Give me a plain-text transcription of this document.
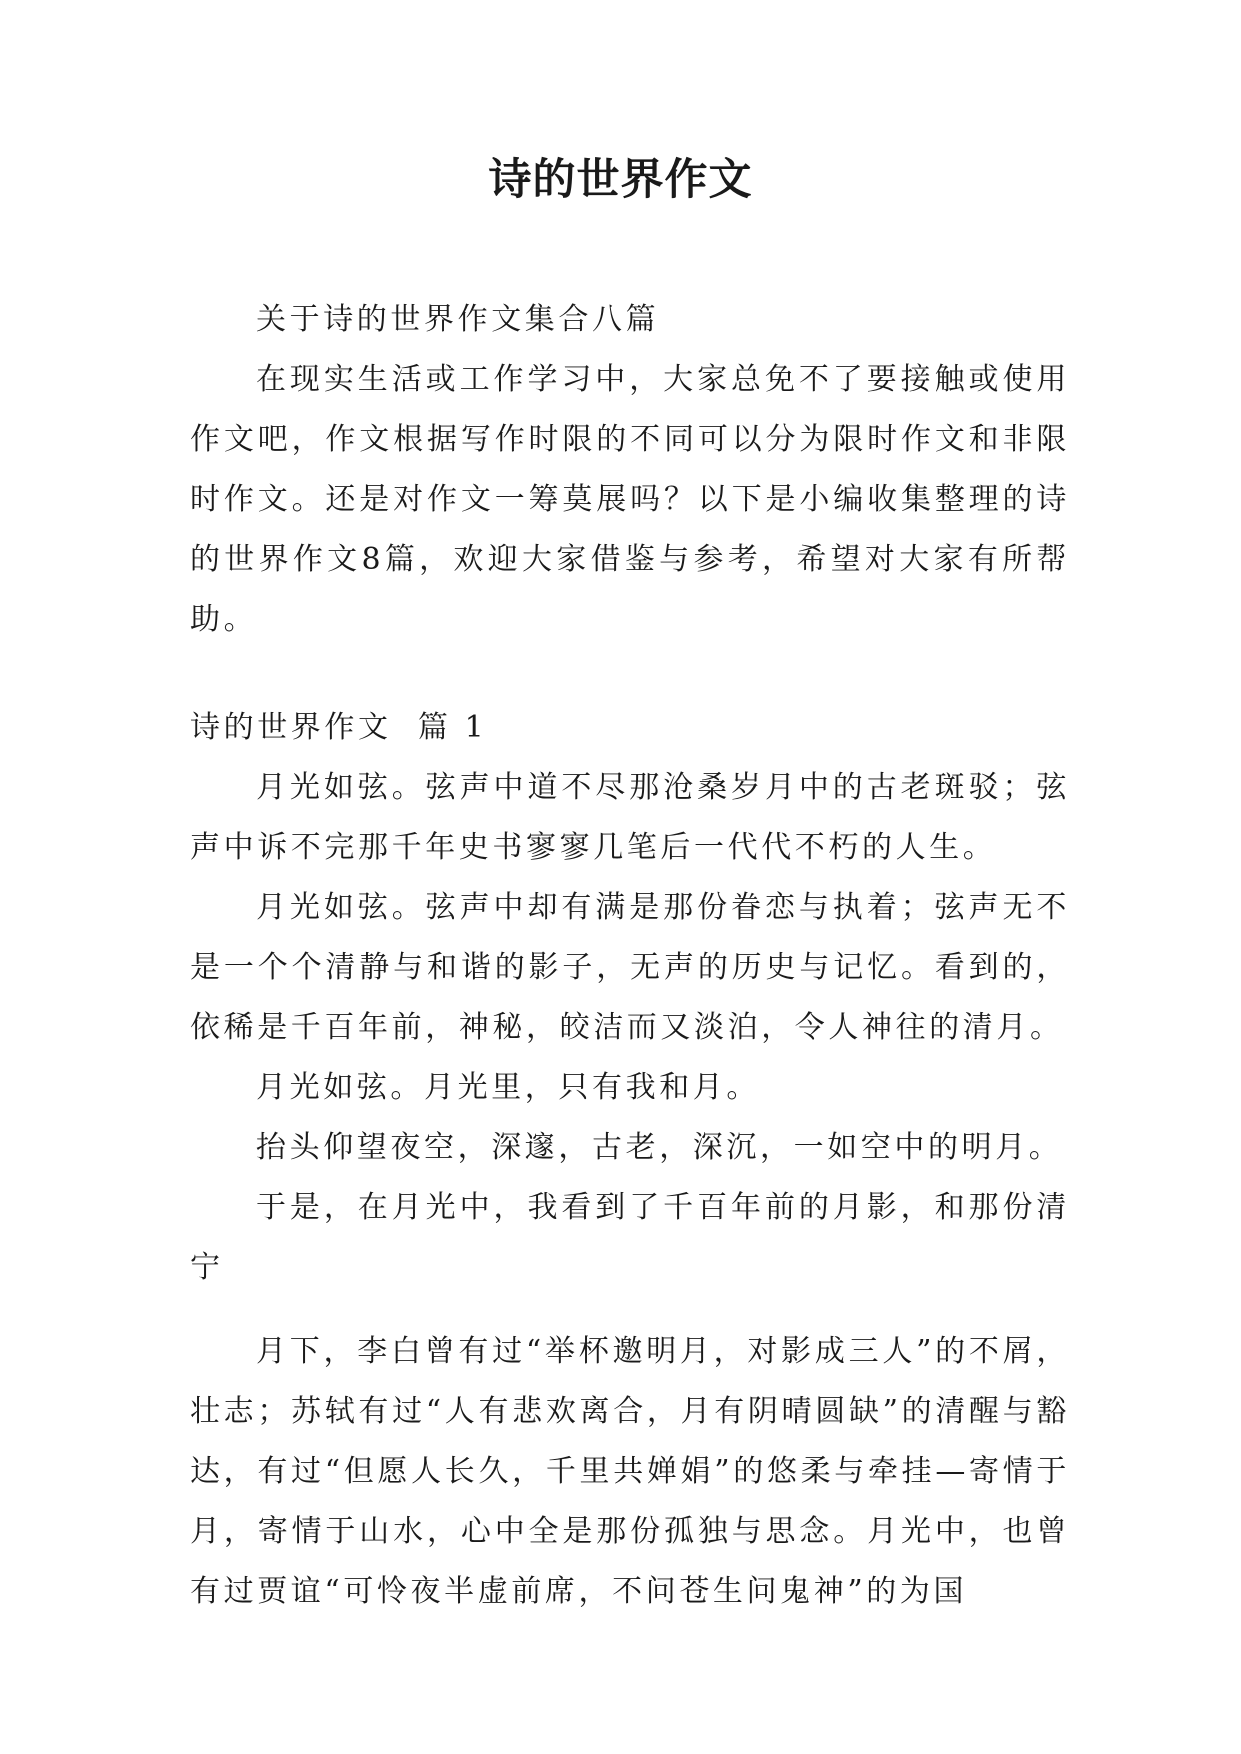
诗的世界作文

关于诗的世界作文集合八篇

在现实生活或工作学习中，大家总免不了要接触或使用作文吧，作文根据写作时限的不同可以分为限时作文和非限时作文。还是对作文一筹莫展吗？以下是小编收集整理的诗的世界作文8篇，欢迎大家借鉴与参考，希望对大家有所帮助。

诗的世界作文  篇 1

月光如弦。弦声中道不尽那沧桑岁月中的古老斑驳；弦声中诉不完那千年史书寥寥几笔后一代代不朽的人生。

月光如弦。弦声中却有满是那份眷恋与执着；弦声无不是一个个清静与和谐的影子，无声的历史与记忆。看到的，依稀是千百年前，神秘，皎洁而又淡泊，令人神往的清月。

月光如弦。月光里，只有我和月。

抬头仰望夜空，深邃，古老，深沉，一如空中的明月。

于是，在月光中，我看到了千百年前的月影，和那份清宁

月下，李白曾有过“举杯邀明月，对影成三人”的不屑，壮志；苏轼有过“人有悲欢离合，月有阴晴圆缺”的清醒与豁达，有过“但愿人长久，千里共婵娟”的悠柔与牵挂—寄情于月，寄情于山水，心中全是那份孤独与思念。月光中，也曾有过贾谊“可怜夜半虚前席，不问苍生问鬼神”的为国
